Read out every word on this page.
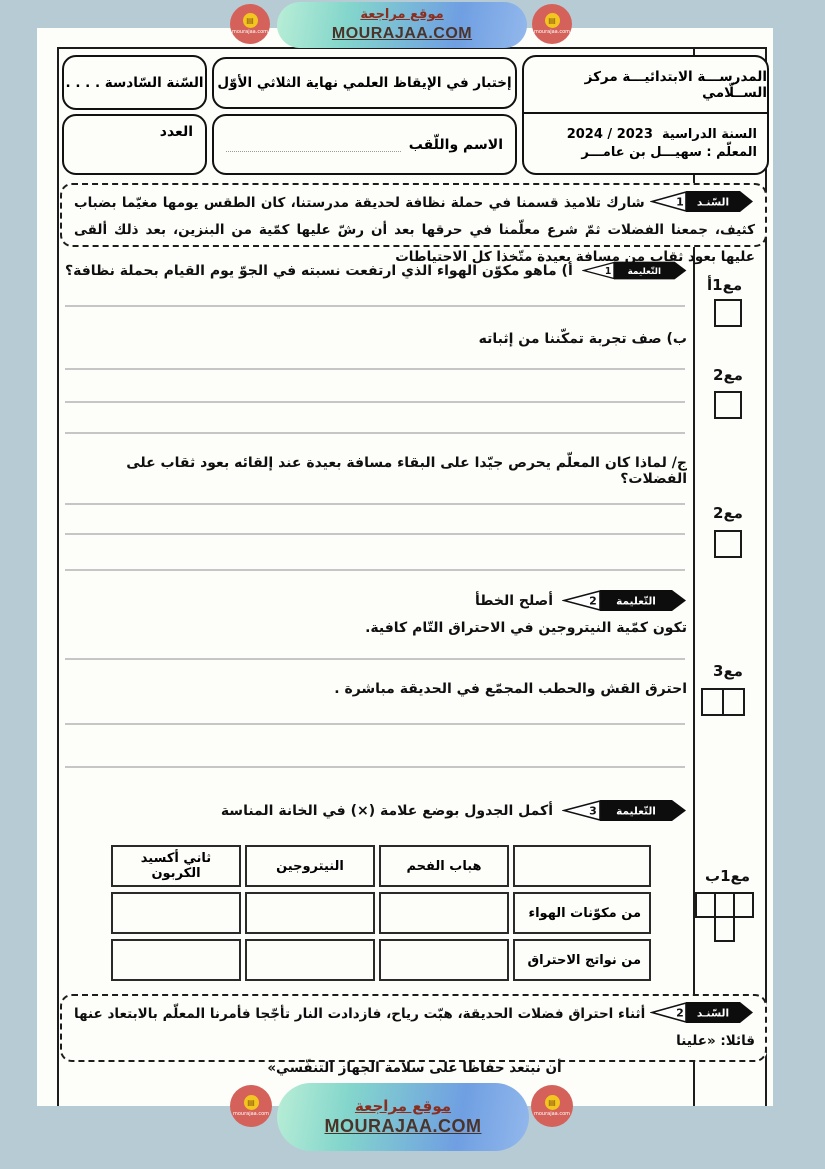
موقع مراجعة
MOURAJAA.COM
▤
mourajaa.com
▤
mourajaa.com
المدرســـة الابتدائيـــة مركز الســلّامي
السنة الدراسية  2023 ‏/‏ 2024
المعلّم : سهيـــل بن عامـــر
إختبار في الإيقاظ العلمي نهاية الثلاثي الأوّل
الاسم واللّقب
السّنة السّادسة . . . .
العدد

السّنـد
1
شارك تلاميذ قسمنا في حملة نظافة لحديقة مدرستنا، كان الطقس يومها مغيّما بضباب كثيف، جمعنا الفضلات ثمّ شرع معلّمنا في حرقها بعد أن رشّ عليها كمّية من البنزين، بعد ذلك ألقى عليها بعود ثقاب من مسافة بعيدة متّخذا كل الاحتياطات

التّعليمة
1
أ) ماهو مكوّن الهواء الذي ارتفعت نسبته في الجوّ يوم القيام بحملة نظافة؟
ب) صف تجربة تمكّننا من إثباته
ج/ لماذا كان المعلّم يحرص جيّدا على البقاء مسافة بعيدة عند إلقائه بعود ثقاب على الفضلات؟
التّعليمة
2
أصلح الخطأ
تكون كمّية النيتروجين في الاحتراق التّام كافية.
احترق القش والحطب المجمّع في الحديقة مباشرة .
التّعليمة
3
أكمل الجدول بوضع علامة (×) في الخانة المناسة
	هباب الفحم	النيتروجين	ثاني أكسيد الكربون
من مكوّنات الهواء			
من نواتج الاحتراق			

السّنـد
2
أثناء احتراق فضلات الحديقة، هبّت رياح، فازدادت النار تأجّجا فأمرنا المعلّم بالابتعاد عنها قائلا: «علينا
أن نبتعد حفاظا على سلامة الجهاز التنفّسي»

مع1أ
مع2
مع2
مع3
مع1ب
موقع مراجعة
MOURAJAA.COM
▤
mourajaa.com
▤
mourajaa.com
